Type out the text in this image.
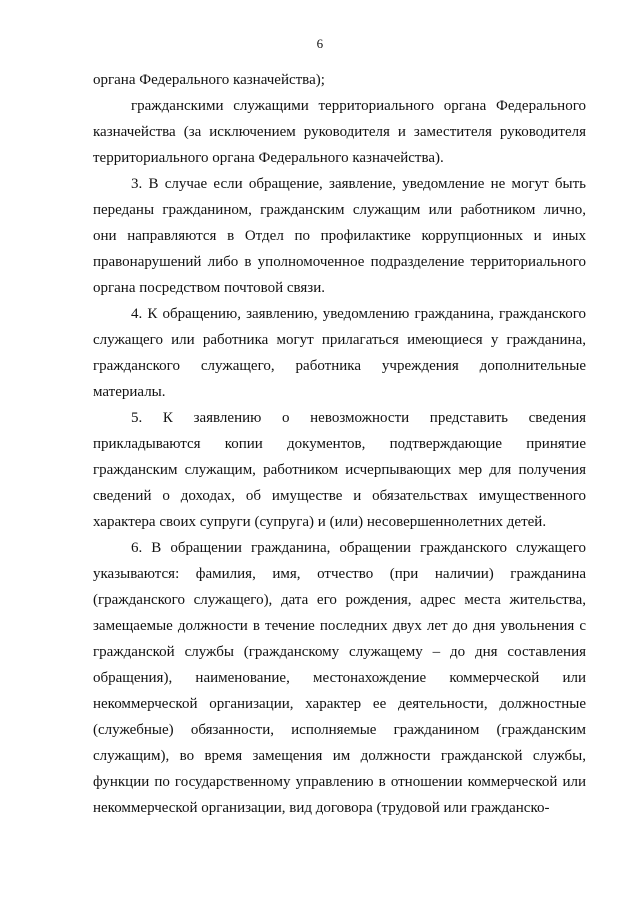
6

органа Федерального казначейства);

гражданскими служащими территориального органа Федерального казначейства (за исключением руководителя и заместителя руководителя территориального органа Федерального казначейства).

3. В случае если обращение, заявление, уведомление не могут быть переданы гражданином, гражданским служащим или работником лично, они направляются в Отдел по профилактике коррупционных и иных правонарушений либо в уполномоченное подразделение территориального органа посредством почтовой связи.

4. К обращению, заявлению, уведомлению гражданина, гражданского служащего или работника могут прилагаться имеющиеся у гражданина, гражданского служащего, работника учреждения дополнительные материалы.

5. К заявлению о невозможности представить сведения прикладываются копии документов, подтверждающие принятие гражданским служащим, работником исчерпывающих мер для получения сведений о доходах, об имуществе и обязательствах имущественного характера своих супруги (супруга) и (или) несовершеннолетних детей.

6. В обращении гражданина, обращении гражданского служащего указываются: фамилия, имя, отчество (при наличии) гражданина (гражданского служащего), дата его рождения, адрес места жительства, замещаемые должности в течение последних двух лет до дня увольнения с гражданской службы (гражданскому служащему – до дня составления обращения), наименование, местонахождение коммерческой или некоммерческой организации, характер ее деятельности, должностные (служебные) обязанности, исполняемые гражданином (гражданским служащим), во время замещения им должности гражданской службы, функции по государственному управлению в отношении коммерческой или некоммерческой организации, вид договора (трудовой или гражданско-
